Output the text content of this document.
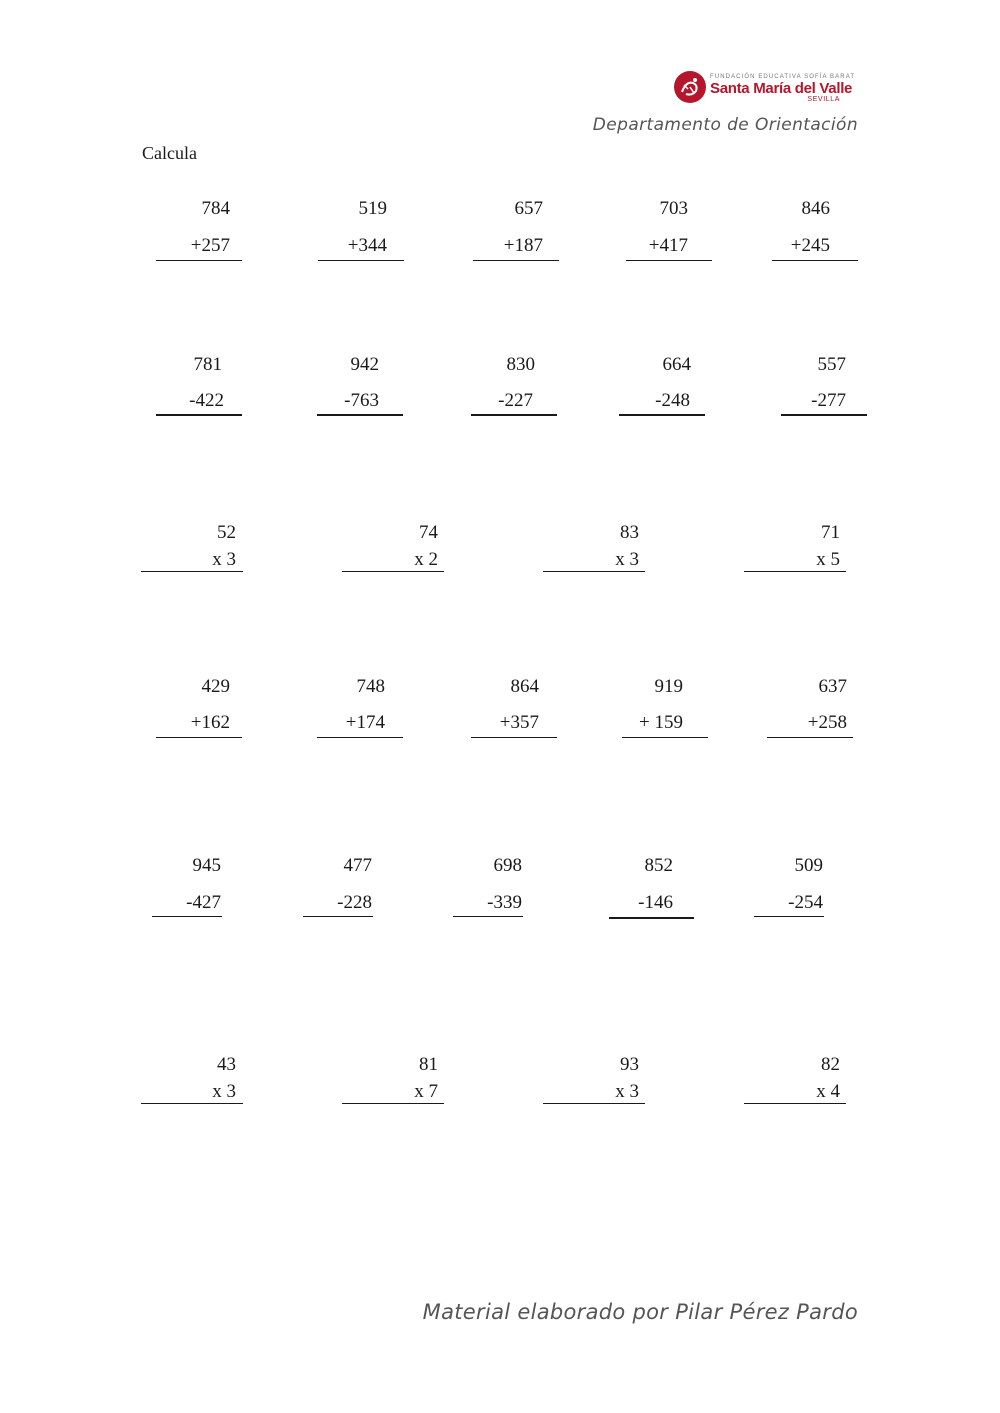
FUNDACIÓN EDUCATIVA SOFÍA BARAT
Santa María del Valle
SEVILLA
Departamento de Orientación
Calcula
784
+257
519
+344
657
+187
703
+417
846
+245
781
-422
942
-763
830
-227
664
-248
557
-277
52
x 3
74
x 2
83
x 3
71
x 5
429
+162
748
+174
864
+357
919
+ 159
637
+258
945
-427
477
-228
698
-339
852
-146
509
-254
43
x 3
81
x 7
93
x 3
82
x 4
Material elaborado por Pilar Pérez Pardo
